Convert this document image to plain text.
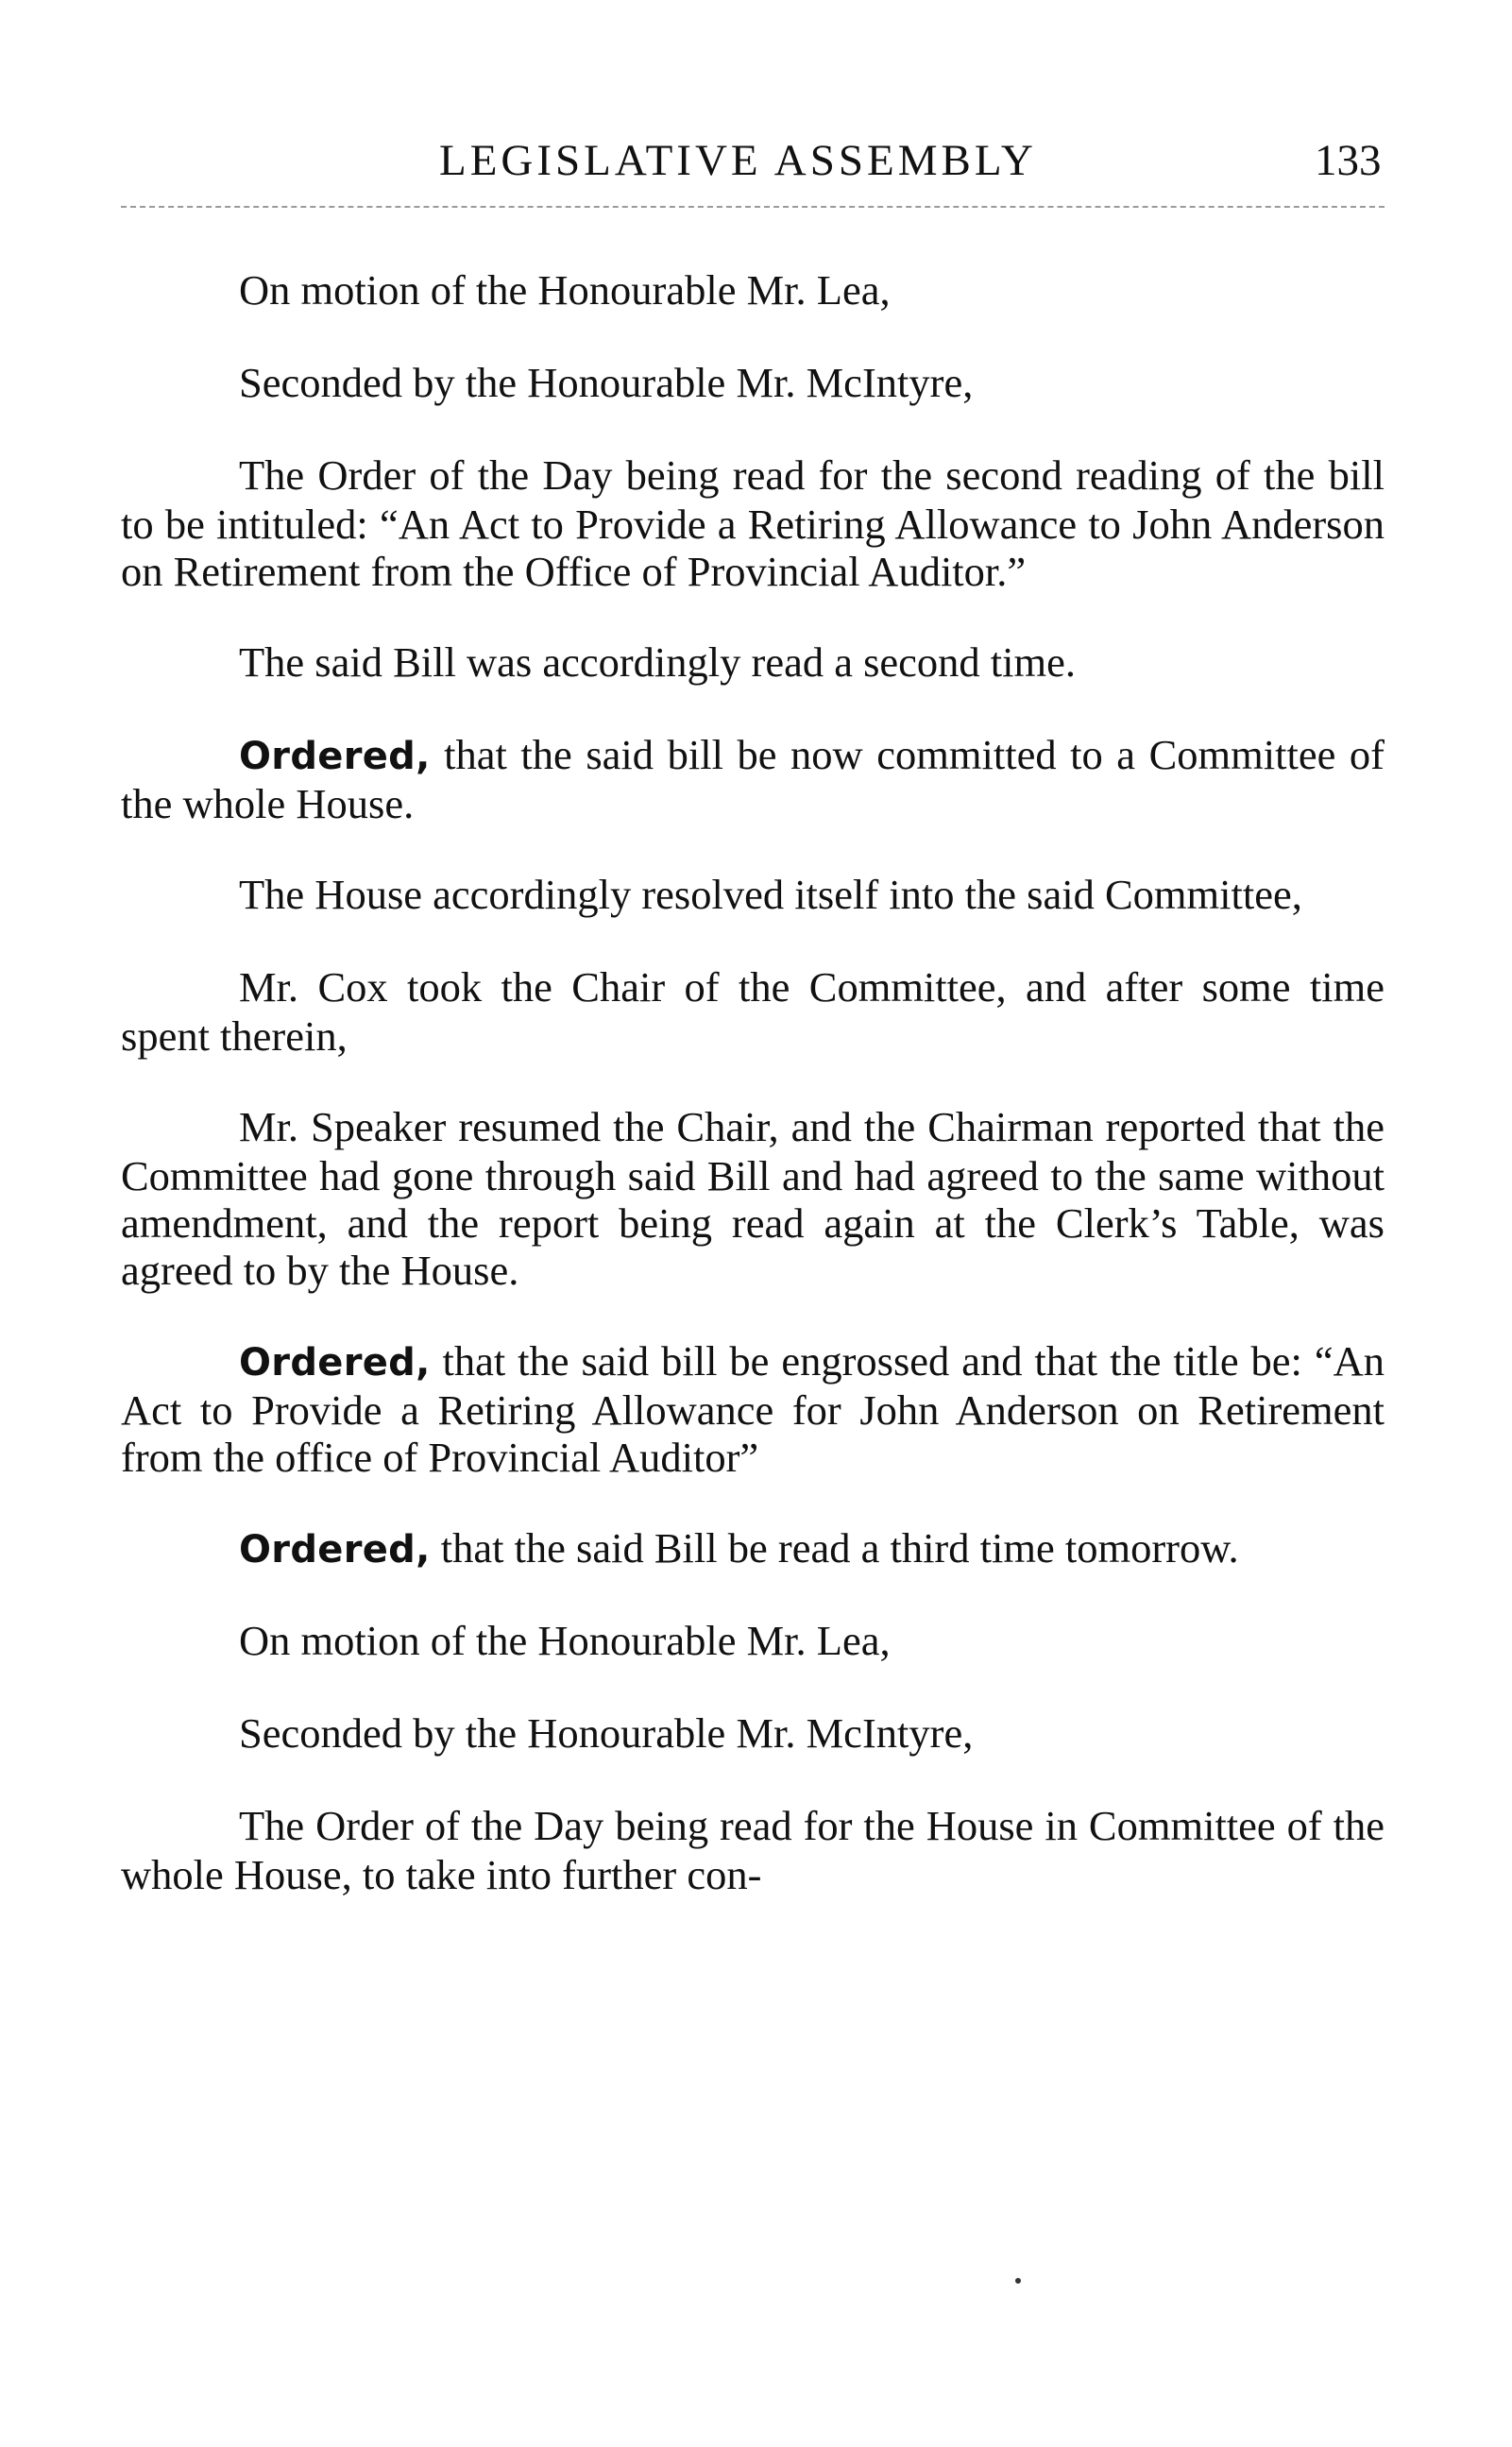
LEGISLATIVE ASSEMBLY	133

On motion of the Honourable Mr. Lea,

Seconded by the Honourable Mr. McIntyre,

The Order of the Day being read for the second reading of the bill to be intituled: “An Act to Provide a Retiring Allowance to John Anderson on Retirement from the Office of Provincial Auditor.”

The said Bill was accordingly read a second time.

Ordered, that the said bill be now committed to a Committee of the whole House.

The House accordingly resolved itself into the said Committee,

Mr. Cox took the Chair of the Committee, and after some time spent therein,

Mr. Speaker resumed the Chair, and the Chairman reported that the Committee had gone through said Bill and had agreed to the same without amendment, and the report being read again at the Clerk’s Table, was agreed to by the House.

Ordered, that the said bill be engrossed and that the title be: “An Act to Provide a Retiring Allowance for John Anderson on Retirement from the office of Provincial Auditor”

Ordered, that the said Bill be read a third time tomorrow.

On motion of the Honourable Mr. Lea,

Seconded by the Honourable Mr. McIntyre,

The Order of the Day being read for the House in Committee of the whole House, to take into further con-
